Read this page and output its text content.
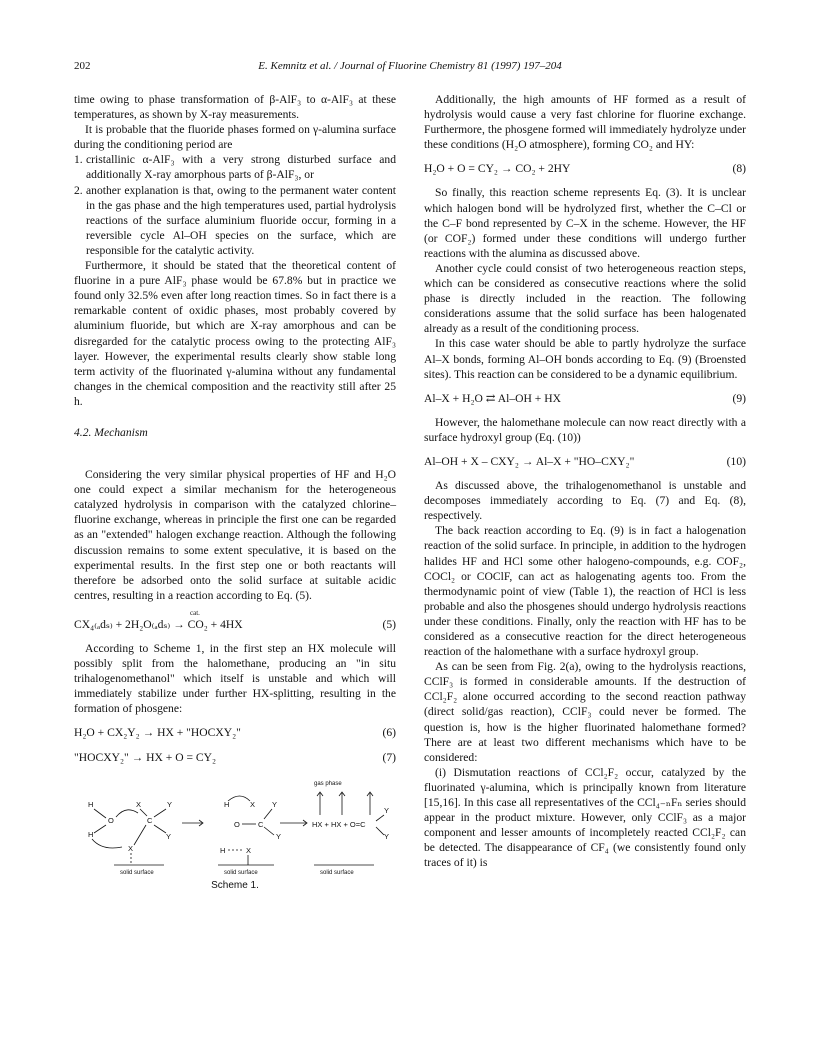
202	E. Kemnitz et al. / Journal of Fluorine Chemistry 81 (1997) 197–204

time owing to phase transformation of β-AlF₃ to α-AlF₃ at these temperatures, as shown by X-ray measurements.

It is probable that the fluoride phases formed on γ-alumina surface during the conditioning period are

1. cristallinic α-AlF₃ with a very strong disturbed surface and additionally X-ray amorphous parts of β-AlF₃, or
2. another explanation is that, owing to the permanent water content in the gas phase and the high temperatures used, partial hydrolysis reactions of the surface aluminium fluoride occur, forming in a reversible cycle Al–OH species on the surface, which are responsible for the catalytic activity.

Furthermore, it should be stated that the theoretical content of fluorine in a pure AlF₃ phase would be 67.8% but in practice we found only 32.5% even after long reaction times. So in fact there is a remarkable content of oxidic phases, most probably covered by aluminium fluoride, but which are X-ray amorphous and can be disregarded for the catalytic process owing to the protecting AlF₃ layer. However, the experimental results clearly show stable long term activity of the fluorinated γ-alumina without any fundamental changes in the chemical composition and the reactivity still after 25 h.

4.2. Mechanism

Considering the very similar physical properties of HF and H₂O one could expect a similar mechanism for the heterogeneous catalyzed hydrolysis in comparison with the catalyzed chlorine–fluorine exchange, whereas in principle the first one can be regarded as an "extended" halogen exchange reaction. Although the following discussion remains to some extent speculative, it is based on the experimental results. In the first step one or both reactants will therefore be adsorbed onto the solid surface at suitable acidic centres, resulting in a reaction according to Eq. (5).

cat.
CX₄₍ₐdₛ₎ + 2H₂O₍ₐdₛ₎ → CO₂ + 4HX	(5)

According to Scheme 1, in the first step an HX molecule will possibly split from the halomethane, producing an "in situ trihalogenomethanol" which itself is unstable and which will immediately stabilize under further HX-splitting, resulting in the formation of phosgene:

H₂O + CX₂Y₂ → HX + "HOCXY₂"	(6)
"HOCXY₂" → HX + O = CY₂	(7)
gas phase
H	X	Y
O	C
H	Y
X
H	X Y
O C
Y
H	X
HX + HX + O=C
Y
Y
solid surface	solid surface	solid surface
Scheme 1.

Additionally, the high amounts of HF formed as a result of hydrolysis would cause a very fast chlorine for fluorine exchange. Furthermore, the phosgene formed will immediately hydrolyze under these conditions (H₂O atmosphere), forming CO₂ and HY:

H₂O + O = CY₂ → CO₂ + 2HY	(8)

So finally, this reaction scheme represents Eq. (3). It is unclear which halogen bond will be hydrolyzed first, whether the C–Cl or the C–F bond represented by C–X in the scheme. However, the HF (or COF₂) formed under these conditions will undergo further reactions with the alumina as discussed above.

Another cycle could consist of two heterogeneous reaction steps, which can be considered as consecutive reactions where the solid phase is directly included in the reaction. The following considerations assume that the solid surface has been halogenated already as a result of the conditioning process.

In this case water should be able to partly hydrolyze the surface Al–X bonds, forming Al–OH bonds according to Eq. (9) (Broensted sites). This reaction can be considered to be a dynamic equilibrium.

Al–X + H₂O ⇄ Al–OH + HX	(9)

However, the halomethane molecule can now react directly with a surface hydroxyl group (Eq. (10))

Al–OH + X – CXY₂ → Al–X + "HO–CXY₂"	(10)

As discussed above, the trihalogenomethanol is unstable and decomposes immediately according to Eq. (7) and Eq. (8), respectively.

The back reaction according to Eq. (9) is in fact a halogenation reaction of the solid surface. In principle, in addition to the hydrogen halides HF and HCl some other halogeno-compounds, e.g. COF₂, COCl₂ or COClF, can act as halogenating agents too. From the thermodynamic point of view (Table 1), the reaction of HCl is less probable and also the phosgenes should undergo hydrolysis reactions under these conditions. Finally, only the reaction with HF has to be considered as a consecutive reaction for the direct heterogeneous reaction of the halomethane with a surface hydroxyl group.

As can be seen from Fig. 2(a), owing to the hydrolysis reactions, CClF₃ is formed in considerable amounts. If the destruction of CCl₂F₂ alone occurred according to the second reaction pathway (direct solid/gas reaction), CClF₃ could never be formed. The question is, how is the higher fluorinated halomethane formed? There are at least two different mechanisms which have to be considered:

(i) Dismutation reactions of CCl₂F₂ occur, catalyzed by the fluorinated γ-alumina, which is principally known from literature [15,16]. In this case all representatives of the CCl₄₋ₙFₙ series should appear in the product mixture. However, only CClF₃ as a major component and lesser amounts of incompletely reacted CCl₂F₂ can be detected. The disappearance of CF₄ (we consistently found only traces of it) is
